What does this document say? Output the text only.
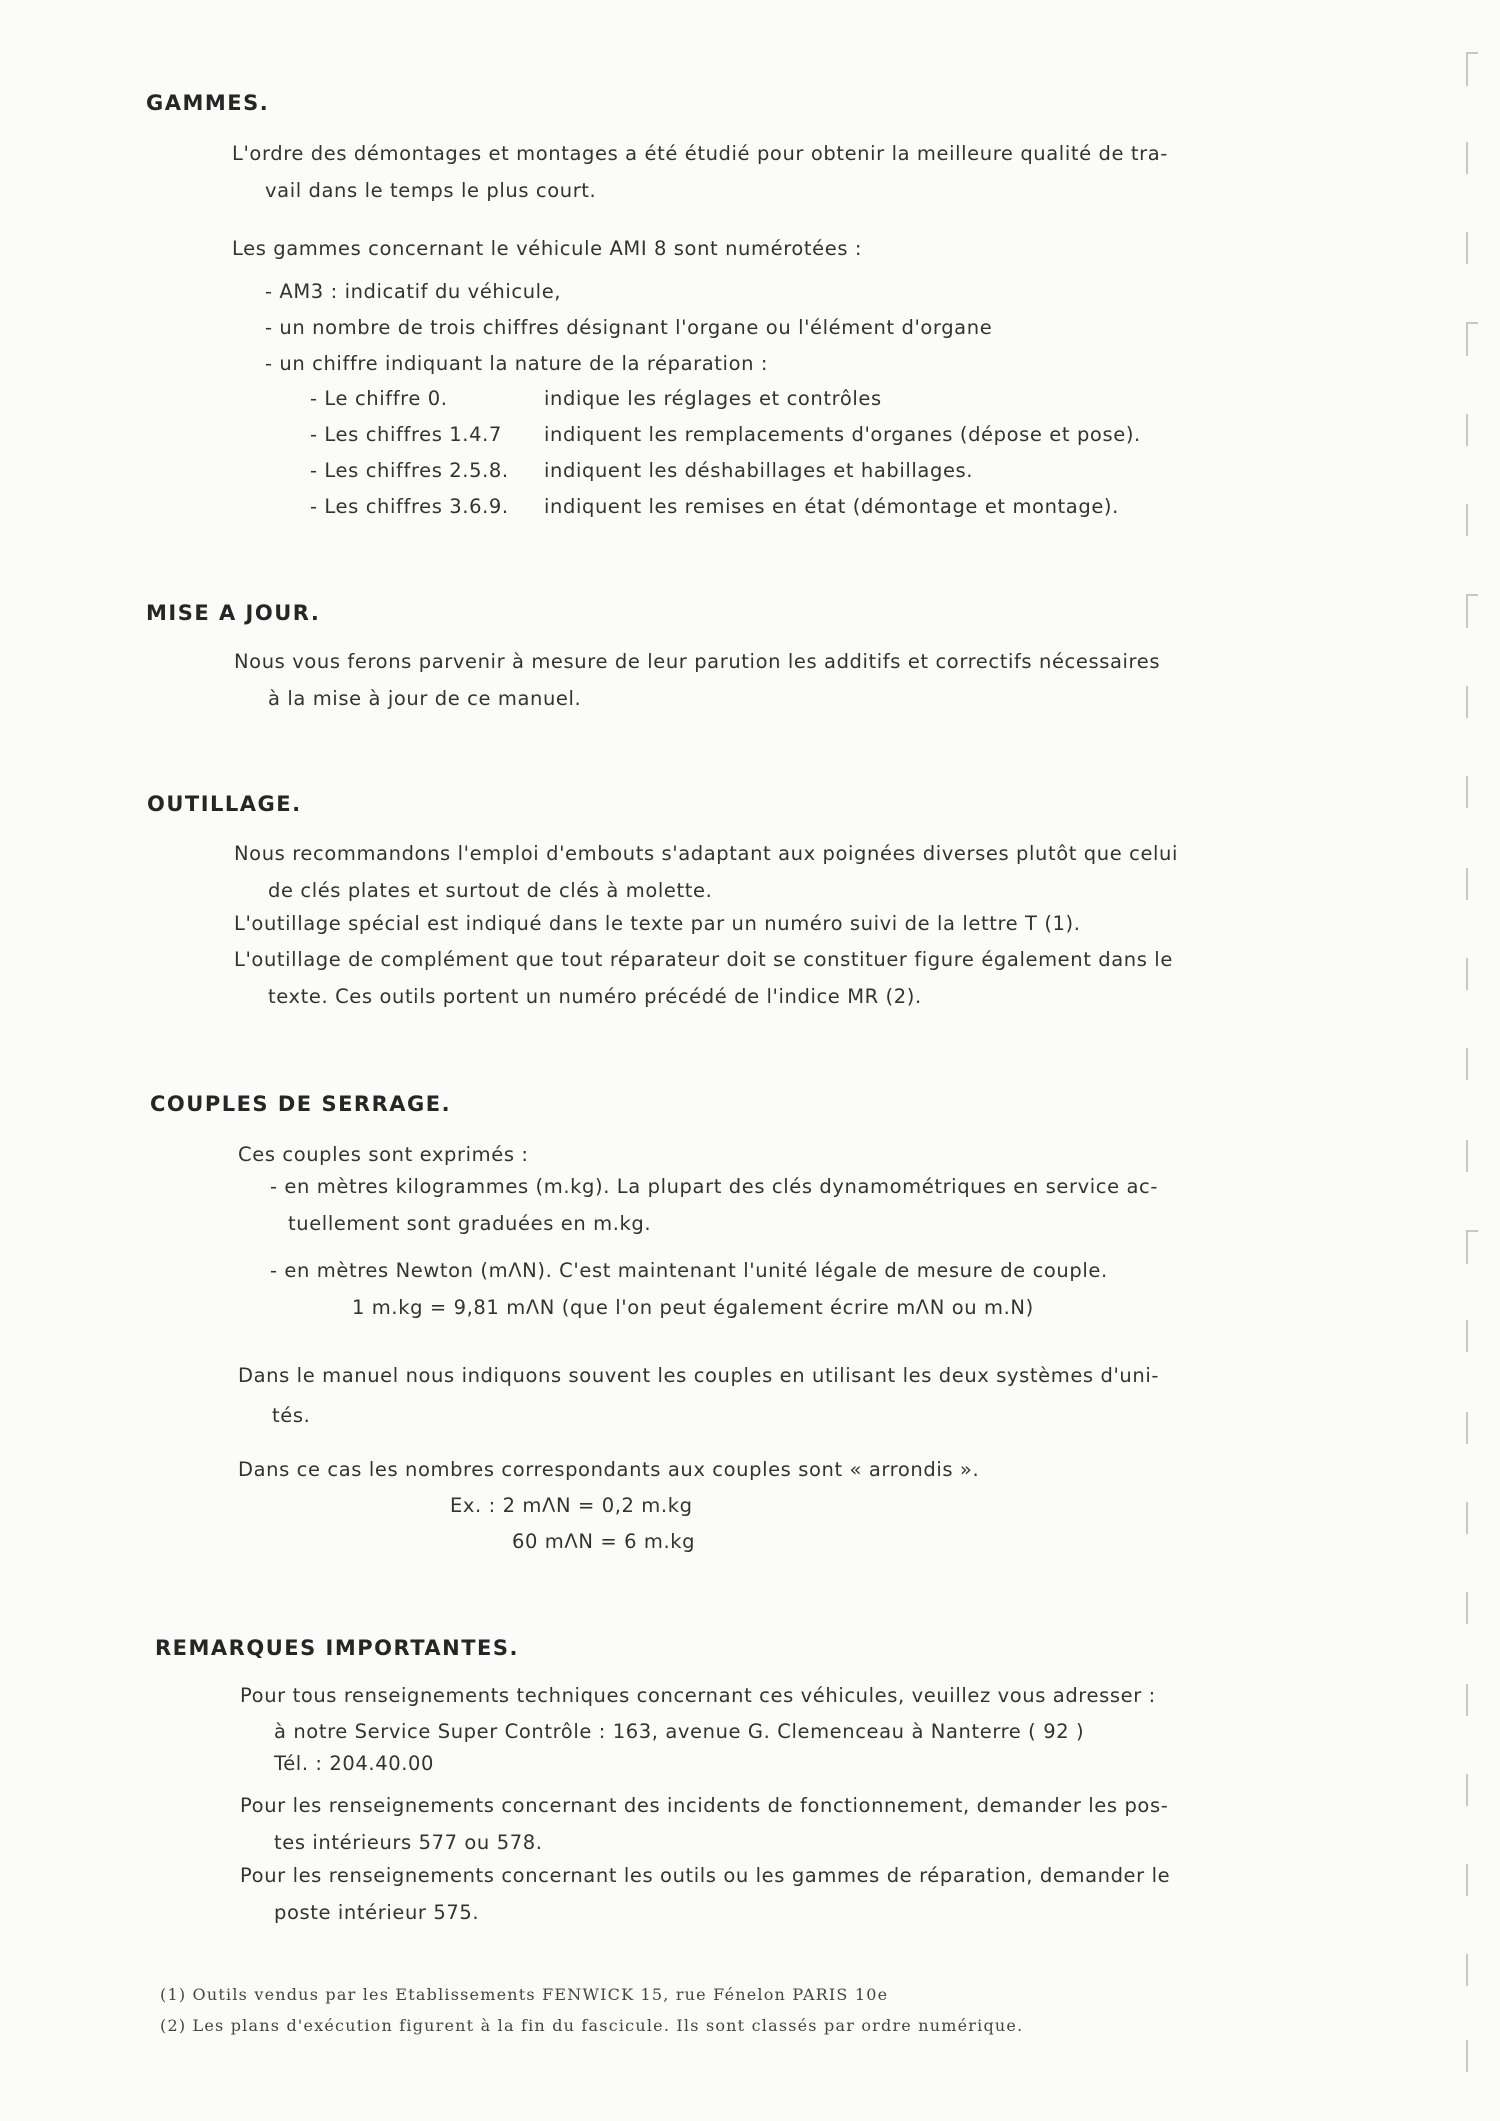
GAMMES.

L'ordre des démontages et montages a été étudié pour obtenir la meilleure qualité de tra-

vail dans le temps le plus court.

Les gammes concernant le véhicule AMI 8 sont numérotées :

- AM3 : indicatif du véhicule,

- un nombre de trois chiffres désignant l'organe ou l'élément d'organe

- un chiffre indiquant la nature de la réparation :

- Le chiffre 0.	indique les réglages et contrôles

- Les chiffres 1.4.7 indiquent les remplacements d'organes (dépose et pose).

- Les chiffres 2.5.8. indiquent les déshabillages et habillages.

- Les chiffres 3.6.9. indiquent les remises en état (démontage et montage).

MISE A JOUR.

Nous vous ferons parvenir à mesure de leur parution les additifs et correctifs nécessaires

à la mise à jour de ce manuel.

OUTILLAGE.

Nous recommandons l'emploi d'embouts s'adaptant aux poignées diverses plutôt que celui

de clés plates et surtout de clés à molette.

L'outillage spécial est indiqué dans le texte par un numéro suivi de la lettre T (1).

L'outillage de complément que tout réparateur doit se constituer figure également dans le

texte. Ces outils portent un numéro précédé de l'indice MR (2).

COUPLES DE SERRAGE.

Ces couples sont exprimés :

- en mètres kilogrammes (m.kg). La plupart des clés dynamométriques en service ac-

tuellement sont graduées en m.kg.

- en mètres Newton (mΛN). C'est maintenant l'unité légale de mesure de couple.

1 m.kg = 9,81 mΛN (que l'on peut également écrire mΛN ou m.N)

Dans le manuel nous indiquons souvent les couples en utilisant les deux systèmes d'uni-

tés.

Dans ce cas les nombres correspondants aux couples sont « arrondis ».

Ex. : 2 mΛN = 0,2 m.kg

60 mΛN = 6 m.kg

REMARQUES IMPORTANTES.

Pour tous renseignements techniques concernant ces véhicules, veuillez vous adresser :

à notre Service Super Contrôle : 163, avenue G. Clemenceau à Nanterre ( 92 )

Tél. : 204.40.00

Pour les renseignements concernant des incidents de fonctionnement, demander les pos-

tes intérieurs 577 ou 578.

Pour les renseignements concernant les outils ou les gammes de réparation, demander le

poste intérieur 575.

(1) Outils vendus par les Etablissements FENWICK 15, rue Fénelon PARIS 10e

(2) Les plans d'exécution figurent à la fin du fascicule. Ils sont classés par ordre numérique.
